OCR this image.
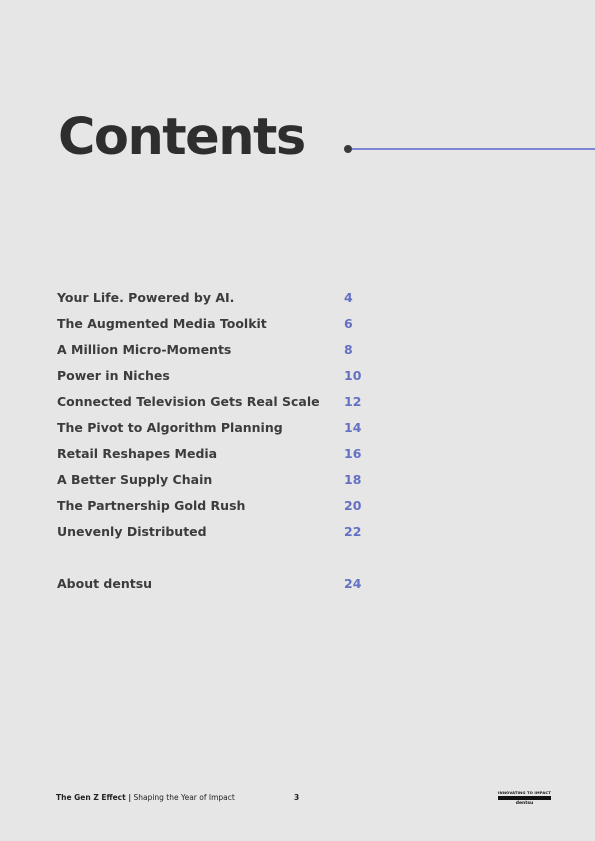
Contents
Your Life. Powered by AI.	4
The Augmented Media Toolkit	6
A Million Micro-Moments	8
Power in Niches	10
Connected Television Gets Real Scale	12
The Pivot to Algorithm Planning	14
Retail Reshapes Media	16
A Better Supply Chain	18
The Partnership Gold Rush	20
Unevenly Distributed	22
About dentsu	24
The Gen Z Effect | Shaping the Year of Impact	3
INNOVATING TO IMPACT
dentsu
